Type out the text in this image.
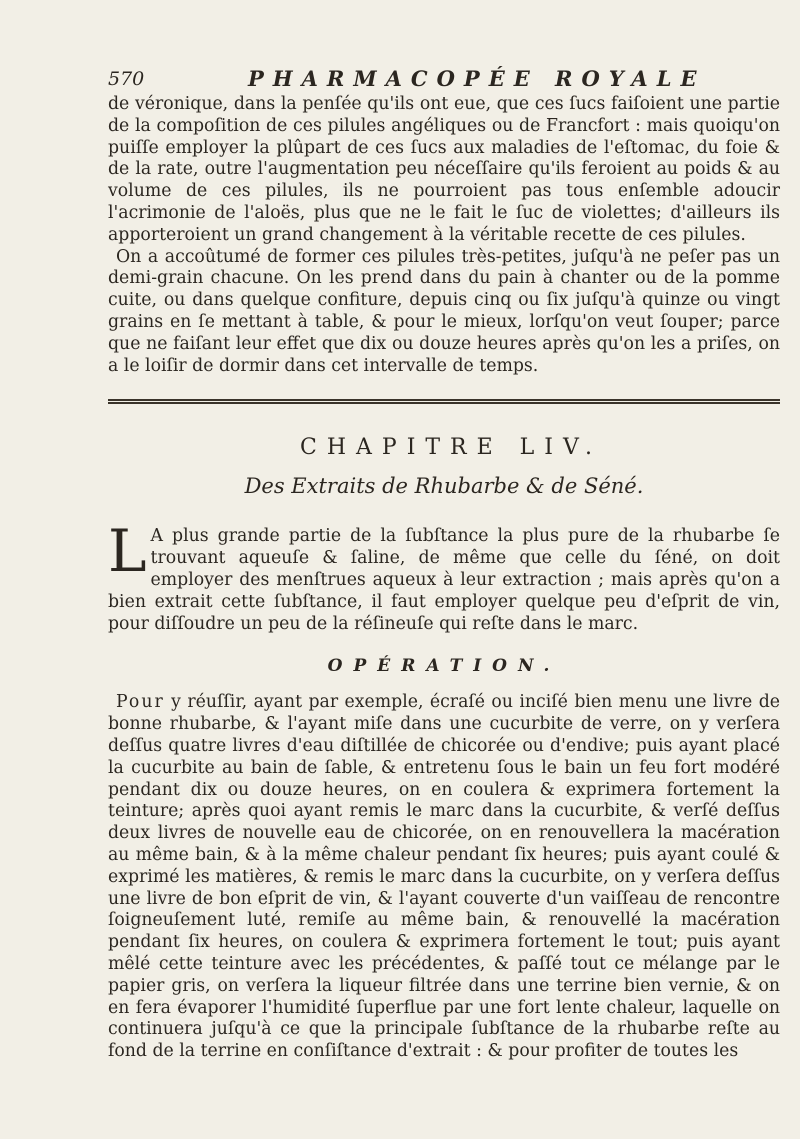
570	PHARMACOPÉE ROYALE

de véronique, dans la penſée qu'ils ont eue, que ces ſucs faiſoient une partie de la compoſition de ces pilules angéliques ou de Francfort : mais quoiqu'on puiſſe employer la plûpart de ces ſucs aux maladies de l'eſtomac, du foie & de la rate, outre l'augmentation peu néceſſaire qu'ils feroient au poids & au volume de ces pilules, ils ne pourroient pas tous enſemble adoucir l'acrimonie de l'aloës, plus que ne le fait le ſuc de violettes; d'ailleurs ils apporteroient un grand changement à la véritable recette de ces pilules.

On a accoûtumé de former ces pilules très-petites, juſqu'à ne peſer pas un demi-grain chacune. On les prend dans du pain à chanter ou de la pomme cuite, ou dans quelque confiture, depuis cinq ou ſix juſqu'à quinze ou vingt grains en ſe mettant à table, & pour le mieux, lorſqu'on veut ſouper; parce que ne faiſant leur effet que dix ou douze heures après qu'on les a priſes, on a le loiſir de dormir dans cet intervalle de temps.

CHAPITRE LIV.
Des Extraits de Rhubarbe & de Séné.

L A plus grande partie de la ſubſtance la plus pure de la rhubarbe ſe trouvant aqueuſe & ſaline, de même que celle du ſéné, on doit employer des menſtrues aqueux à leur extraction ; mais après qu'on a bien extrait cette ſubſtance, il faut employer quelque peu d'eſprit de vin, pour diſſoudre un peu de la réſineuſe qui reſte dans le marc.

OPÉRATION.

Pour y réuſſir, ayant par exemple, écraſé ou inciſé bien menu une livre de bonne rhubarbe, & l'ayant miſe dans une cucurbite de verre, on y verſera deſſus quatre livres d'eau diſtillée de chicorée ou d'endive; puis ayant placé la cucurbite au bain de ſable, & entretenu ſous le bain un feu fort modéré pendant dix ou douze heures, on en coulera & exprimera fortement la teinture; après quoi ayant remis le marc dans la cucurbite, & verſé deſſus deux livres de nouvelle eau de chicorée, on en renouvellera la macération au même bain, & à la même chaleur pendant ſix heures; puis ayant coulé & exprimé les matières, & remis le marc dans la cucurbite, on y verſera deſſus une livre de bon eſprit de vin, & l'ayant couverte d'un vaiſſeau de rencontre ſoigneuſement luté, remiſe au même bain, & renouvellé la macération pendant ſix heures, on coulera & exprimera fortement le tout; puis ayant mêlé cette teinture avec les précédentes, & paſſé tout ce mélange par le papier gris, on verſera la liqueur filtrée dans une terrine bien vernie, & on en fera évaporer l'humidité ſuperflue par une fort lente chaleur, laquelle on continuera juſqu'à ce que la principale ſubſtance de la rhubarbe reſte au fond de la terrine en conſiſtance d'extrait : & pour profiter de toutes les
